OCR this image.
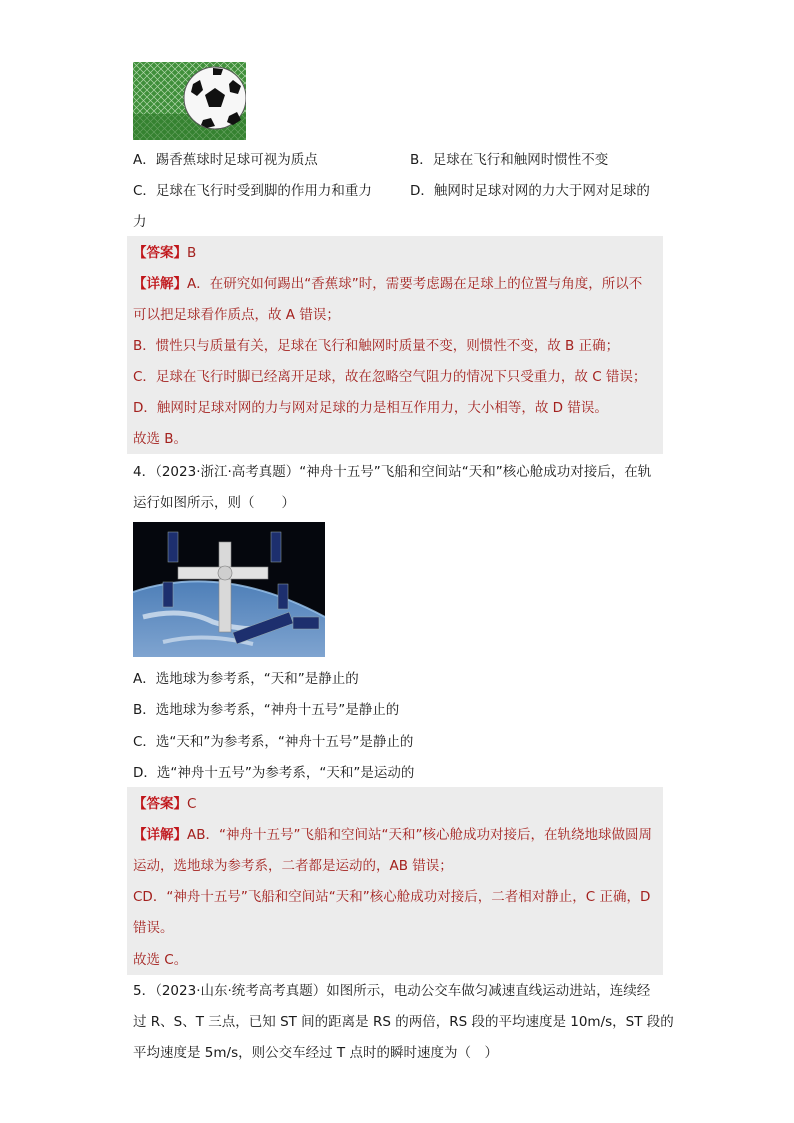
A．踢香蕉球时足球可视为质点	B．足球在飞行和触网时惯性不变
C．足球在飞行时受到脚的作用力和重力	D．触网时足球对网的力大于网对足球的
力
【答案】B
【详解】A．在研究如何踢出“香蕉球”时，需要考虑踢在足球上的位置与角度，所以不
可以把足球看作质点，故 A 错误；
B．惯性只与质量有关，足球在飞行和触网时质量不变，则惯性不变，故 B 正确；
C．足球在飞行时脚已经离开足球，故在忽略空气阻力的情况下只受重力，故 C 错误；
D．触网时足球对网的力与网对足球的力是相互作用力，大小相等，故 D 错误。
故选 B。
4．（2023·浙江·高考真题）“神舟十五号”飞船和空间站“天和”核心舱成功对接后，在轨
运行如图所示，则（　　）
A．选地球为参考系，“天和”是静止的
B．选地球为参考系，“神舟十五号”是静止的
C．选“天和”为参考系，“神舟十五号”是静止的
D．选“神舟十五号”为参考系，“天和”是运动的
【答案】C
【详解】AB．“神舟十五号”飞船和空间站“天和”核心舱成功对接后，在轨绕地球做圆周
运动，选地球为参考系，二者都是运动的，AB 错误；
CD．“神舟十五号”飞船和空间站“天和”核心舱成功对接后，二者相对静止，C 正确，D
错误。
故选 C。
5．（2023·山东·统考高考真题）如图所示，电动公交车做匀减速直线运动进站，连续经
过 R、S、T 三点，已知 ST 间的距离是 RS 的两倍，RS 段的平均速度是 10m/s，ST 段的
平均速度是 5m/s，则公交车经过 T 点时的瞬时速度为（　）
